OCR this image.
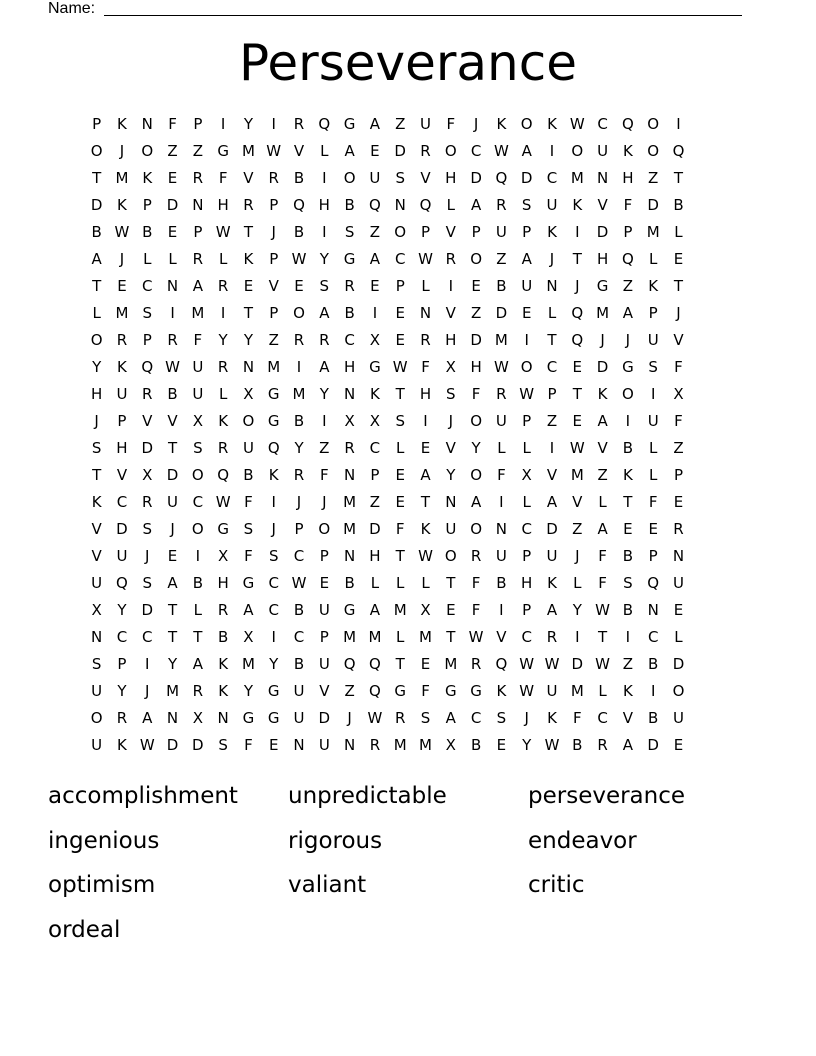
Name:
Perseverance
P	K N	F	P	I	Y	I	R Q G A	Z U	F	J	K O K W C Q O	I
O	J	O Z	Z G M W V	L	A	E D R O C W A	I	O U K O Q
T M K	E	R	F	V R B	I	O U	S	V H D Q D C M N H Z	T
D K	P D N H R	P Q H B Q N Q	L	A R	S	U K	V	F	D B
B W B	E	P W T	J	B	I	S	Z O P	V	P	U	P	K	I	D	P M L
A	J	L	L	R	L	K	P W Y G A C W R O Z	A	J	T	H Q	L	E
T	E	C N A R	E	V	E	S	R	E	P	L	I	E	B U N	J	G Z	K	T
L M S	I	M	I	T	P O A	B	I	E N V	Z D E	L	Q M A	P	J
O R	P	R	F	Y	Y	Z R R C X	E	R H D M	I	T Q	J	J	U V
Y	K Q W U R N M	I	A H G W F	X H W O C	E D G S	F
H U R B U	L	X G M Y	N K	T	H S	F	R W P	T	K O	I	X
J	P	V	V	X	K O G B	I	X	X	S	I	J	O U	P	Z	E	A	I	U	F
S H D T	S	R U Q Y	Z R C	L	E	V	Y	L	L	I	W V	B	L	Z
T	V	X D O Q B	K	R	F	N	P	E	A	Y O	F	X	V M Z	K	L	P
K	C R U C W F	I	J	J	M Z	E	T	N A	I	L	A	V	L	T	F	E
V D S	J	O G S	J	P O M D	F	K U O N C D Z	A	E	E	R
V U	J	E	I	X	F	S	C	P	N H	T W O R U	P	U	J	F	B	P	N
U Q S	A	B H G C W E	B	L	L	L	T	F	B H K	L	F	S Q U
X	Y D T	L	R A C B U G A M X	E	F	I	P	A	Y W B N E
N C C	T	T	B	X	I	C	P M M L M T W V C R	I	T	I	C	L
S	P	I	Y	A	K M Y	B U Q Q T	E M R Q W W D W Z	B D
U	Y	J	M R	K	Y G U V	Z Q G	F	G G K W U M L	K	I	O
O R A N X N G G U D	J	W R	S	A C	S	J	K	F	C V	B U
U K W D D S	F	E N U N R M M X	B	E	Y W B R A D E
accomplishment	unpredictable	perseverance
ingenious	rigorous	endeavor
optimism	valiant	critic
ordeal
